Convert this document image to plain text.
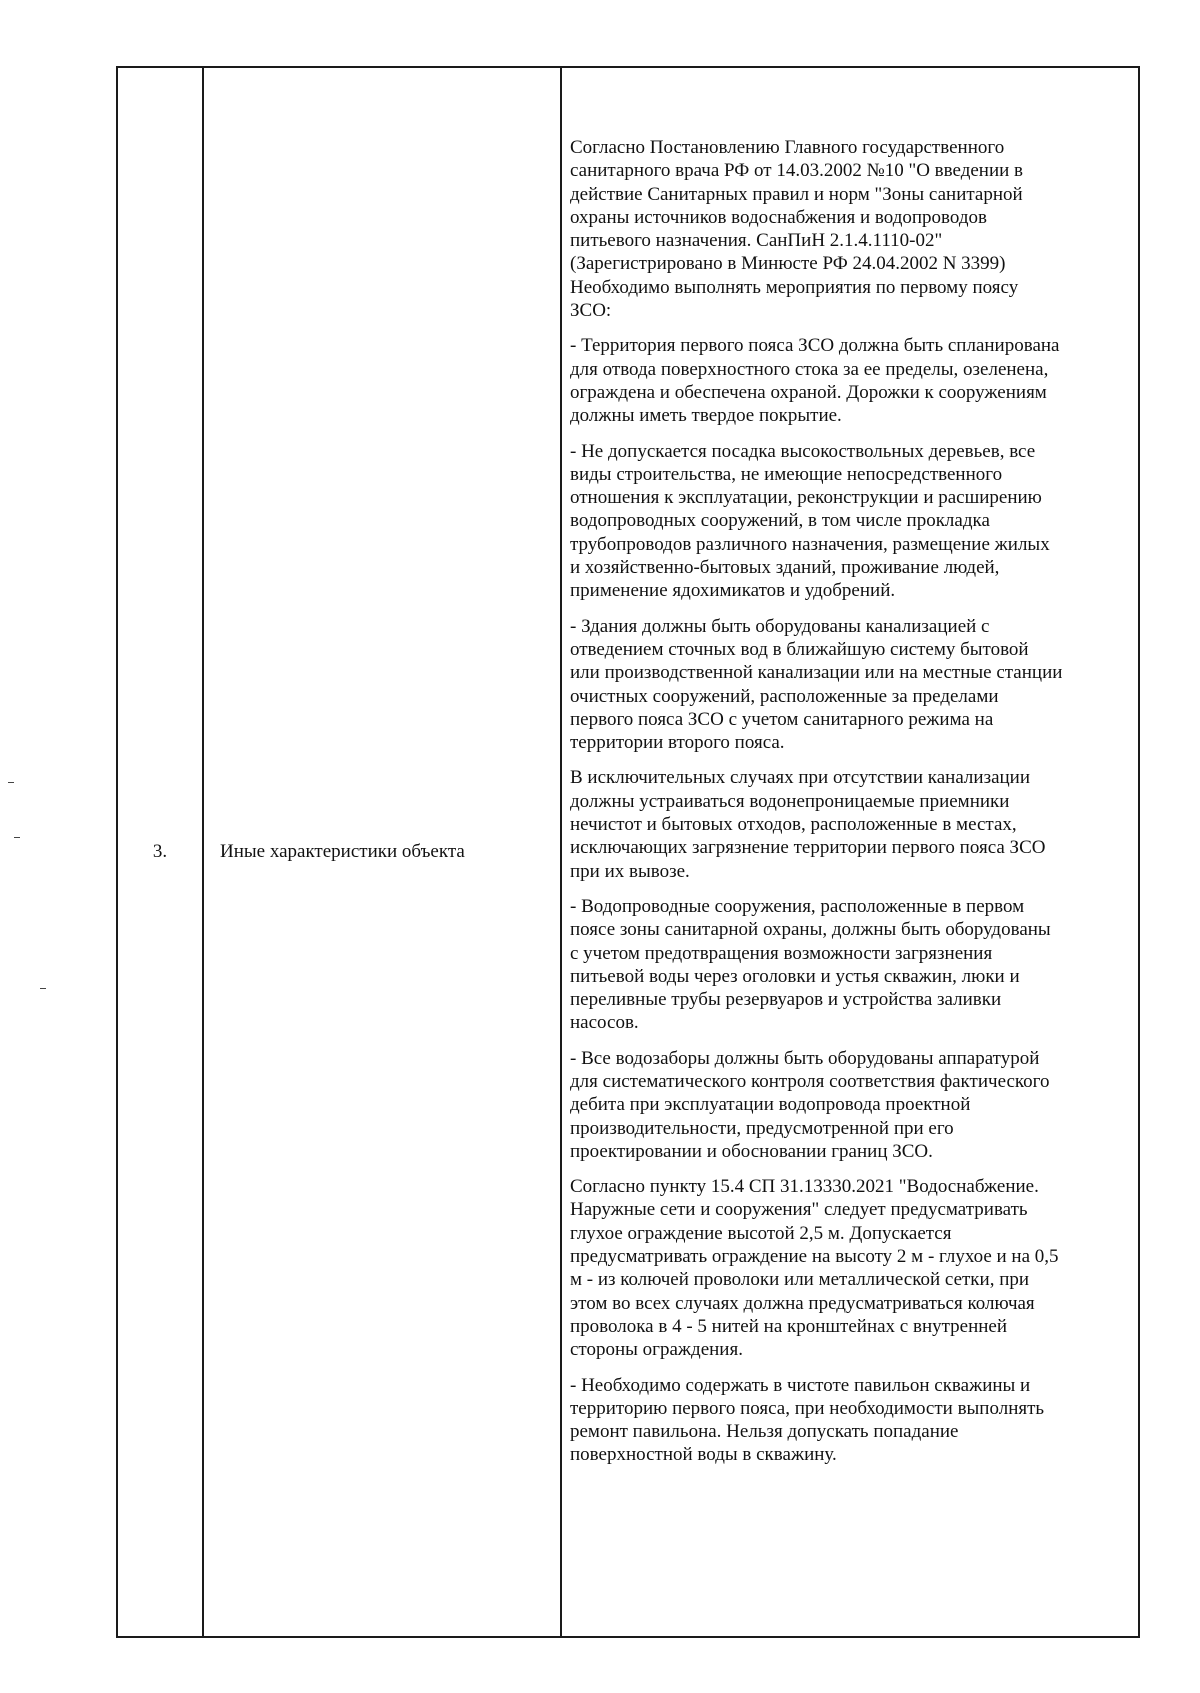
3.	Иные характеристики объекта

Согласно Постановлению Главного государственного
санитарного врача РФ от 14.03.2002 №10 "О введении в
действие Санитарных правил и норм "Зоны санитарной
охраны источников водоснабжения и водопроводов
питьевого назначения. СанПиН 2.1.4.1110-02"
(Зарегистрировано в Минюсте РФ 24.04.2002 N 3399)
Необходимо выполнять мероприятия по первому поясу
ЗСО:

- Территория первого пояса ЗСО должна быть спланирована
для отвода поверхностного стока за ее пределы, озеленена,
ограждена и обеспечена охраной. Дорожки к сооружениям
должны иметь твердое покрытие.

- Не допускается посадка высокоствольных деревьев, все
виды строительства, не имеющие непосредственного
отношения к эксплуатации, реконструкции и расширению
водопроводных сооружений, в том числе прокладка
трубопроводов различного назначения, размещение жилых
и хозяйственно-бытовых зданий, проживание людей,
применение ядохимикатов и удобрений.

- Здания должны быть оборудованы канализацией с
отведением сточных вод в ближайшую систему бытовой
или производственной канализации или на местные станции
очистных сооружений, расположенные за пределами
первого пояса ЗСО с учетом санитарного режима на
территории второго пояса.

В исключительных случаях при отсутствии канализации
должны устраиваться водонепроницаемые приемники
нечистот и бытовых отходов, расположенные в местах,
исключающих загрязнение территории первого пояса ЗСО
при их вывозе.

- Водопроводные сооружения, расположенные в первом
поясе зоны санитарной охраны, должны быть оборудованы
с учетом предотвращения возможности загрязнения
питьевой воды через оголовки и устья скважин, люки и
переливные трубы резервуаров и устройства заливки
насосов.

- Все водозаборы должны быть оборудованы аппаратурой
для систематического контроля соответствия фактического
дебита при эксплуатации водопровода проектной
производительности, предусмотренной при его
проектировании и обосновании границ ЗСО.

Согласно пункту 15.4 СП 31.13330.2021 "Водоснабжение.
Наружные сети и сооружения" следует предусматривать
глухое ограждение высотой 2,5 м. Допускается
предусматривать ограждение на высоту 2 м - глухое и на 0,5
м - из колючей проволоки или металлической сетки, при
этом во всех случаях должна предусматриваться колючая
проволока в 4 - 5 нитей на кронштейнах с внутренней
стороны ограждения.

- Необходимо содержать в чистоте павильон скважины и
территорию первого пояса, при необходимости выполнять
ремонт павильона. Нельзя допускать попадание
поверхностной воды в скважину.
